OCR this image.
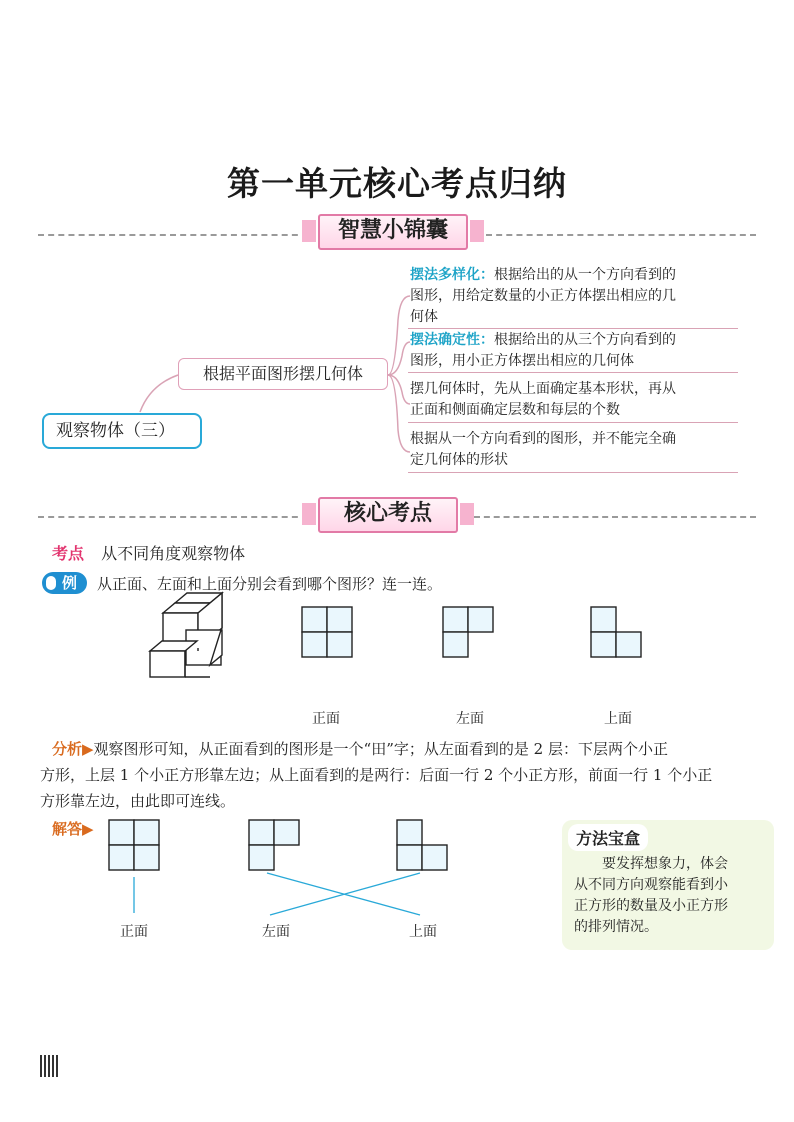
第一单元核心考点归纳
智慧小锦囊
观察物体（三）
根据平面图形摆几何体
摆法多样化：根据给出的从一个方向看到的
图形，用给定数量的小正方体摆出相应的几
何体
摆法确定性：根据给出的从三个方向看到的
图形，用小正方体摆出相应的几何体
摆几何体时，先从上面确定基本形状，再从
正面和侧面确定层数和每层的个数
根据从一个方向看到的图形，并不能完全确
定几何体的形状
核心考点
考点 从不同角度观察物体
例	从正面、左面和上面分别会看到哪个图形？连一连。
正面	左面	上面
分析▶观察图形可知，从正面看到的图形是一个“田”字；从左面看到的是 2 层：下层两个小正
方形，上层 1 个小正方形靠左边；从上面看到的是两行：后面一行 2 个小正方形，前面一行 1 个小正
方形靠左边，由此即可连线。
解答▶
正面	左面	上面
方法宝盒
要发挥想象力，体会
从不同方向观察能看到小
正方形的数量及小正方形
的排列情况。
